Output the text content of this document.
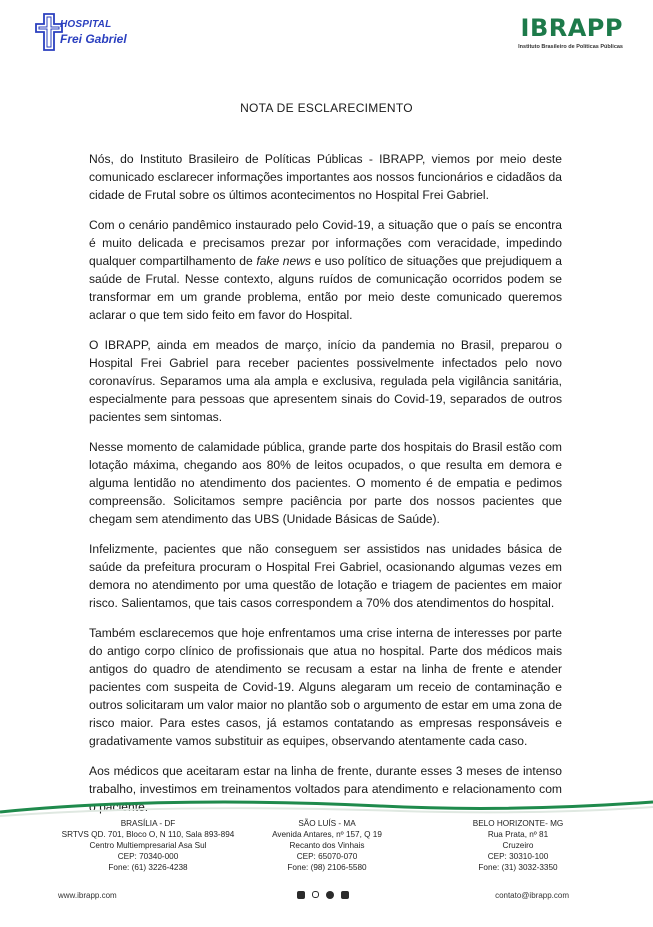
HOSPITAL
Frei Gabriel	IBRAPP
Instituto Brasileiro de Políticas Públicas
NOTA DE ESCLARECIMENTO

Nós, do Instituto Brasileiro de Políticas Públicas - IBRAPP, viemos por meio deste comunicado esclarecer informações importantes aos nossos funcionários e cidadãos da cidade de Frutal sobre os últimos acontecimentos no Hospital Frei Gabriel.

Com o cenário pandêmico instaurado pelo Covid-19, a situação que o país se encontra é muito delicada e precisamos prezar por informações com veracidade, impedindo qualquer compartilhamento de fake news e uso político de situações que prejudiquem a saúde de Frutal. Nesse contexto, alguns ruídos de comunicação ocorridos podem se transformar em um grande problema, então por meio deste comunicado queremos aclarar o que tem sido feito em favor do Hospital.

O IBRAPP, ainda em meados de março, início da pandemia no Brasil, preparou o Hospital Frei Gabriel para receber pacientes possivelmente infectados pelo novo coronavírus. Separamos uma ala ampla e exclusiva, regulada pela vigilância sanitária, especialmente para pessoas que apresentem sinais do Covid-19, separados de outros pacientes sem sintomas.

Nesse momento de calamidade pública, grande parte dos hospitais do Brasil estão com lotação máxima, chegando aos 80% de leitos ocupados, o que resulta em demora e alguma lentidão no atendimento dos pacientes. O momento é de empatia e pedimos compreensão. Solicitamos sempre paciência por parte dos nossos pacientes que chegam sem atendimento das UBS (Unidade Básicas de Saúde).

Infelizmente, pacientes que não conseguem ser assistidos nas unidades básica de saúde da prefeitura procuram o Hospital Frei Gabriel, ocasionando algumas vezes em demora no atendimento por uma questão de lotação e triagem de pacientes em maior risco. Salientamos, que tais casos correspondem a 70% dos atendimentos do hospital.

Também esclarecemos que hoje enfrentamos uma crise interna de interesses por parte do antigo corpo clínico de profissionais que atua no hospital. Parte dos médicos mais antigos do quadro de atendimento se recusam a estar na linha de frente e atender pacientes com suspeita de Covid-19. Alguns alegaram um receio de contaminação e outros solicitaram um valor maior no plantão sob o argumento de estar em uma zona de risco maior. Para estes casos, já estamos contatando as empresas responsáveis e gradativamente vamos substituir as equipes, observando atentamente cada caso.

Aos médicos que aceitaram estar na linha de frente, durante esses 3 meses de intenso trabalho, investimos em treinamentos voltados para atendimento e relacionamento com o paciente.

BRASÍLIA - DF
SRTVS QD. 701, Bloco O, N 110, Sala 893-894
Centro Multiempresarial Asa Sul
CEP: 70340-000
Fone: (61) 3226-4238
SÃO LUÍS - MA
Avenida Antares, nº 157, Q 19
Recanto dos Vinhais
CEP: 65070-070
Fone: (98) 2106-5580
BELO HORIZONTE- MG
Rua Prata, nº 81
Cruzeiro
CEP: 30310-100
Fone: (31) 3032-3350
www.ibrapp.com	contato@ibrapp.com
